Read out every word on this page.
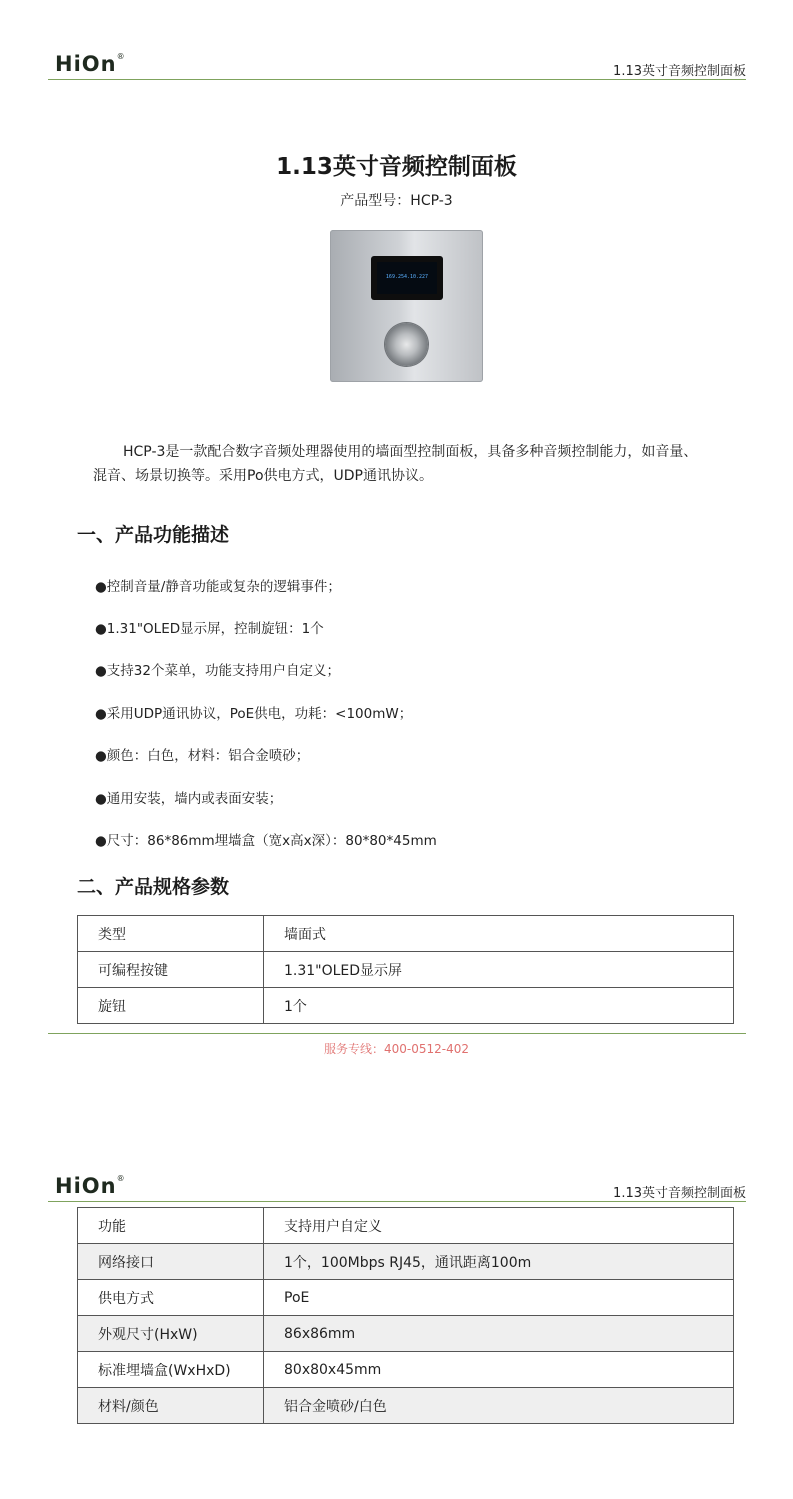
HiOn®
1.13英寸音频控制面板
1.13英寸音频控制面板
产品型号：HCP-3
169.254.10.227
HCP-3是一款配合数字音频处理器使用的墙面型控制面板，具备多种音频控制能力，如音量、
混音、场景切换等。采用Po供电方式，UDP通讯协议。
一、产品功能描述
●控制音量/静音功能或复杂的逻辑事件；
●1.31"OLED显示屏，控制旋钮：1个
●支持32个菜单，功能支持用户自定义；
●采用UDP通讯协议，PoE供电，功耗：<100mW；
●颜色：白色，材料：铝合金喷砂；
●通用安装，墙内或表面安装；
●尺寸：86*86mm埋墙盒（宽x高x深）：80*80*45mm
二、产品规格参数
类型	墙面式
可编程按键	1.31"OLED显示屏
旋钮	1个
服务专线：400-0512-402
HiOn®
1.13英寸音频控制面板
功能	支持用户自定义
网络接口	1个，100Mbps RJ45，通讯距离100m
供电方式	PoE
外观尺寸(HxW)	86x86mm
标准埋墙盒(WxHxD)	80x80x45mm
材料/颜色	铝合金喷砂/白色
